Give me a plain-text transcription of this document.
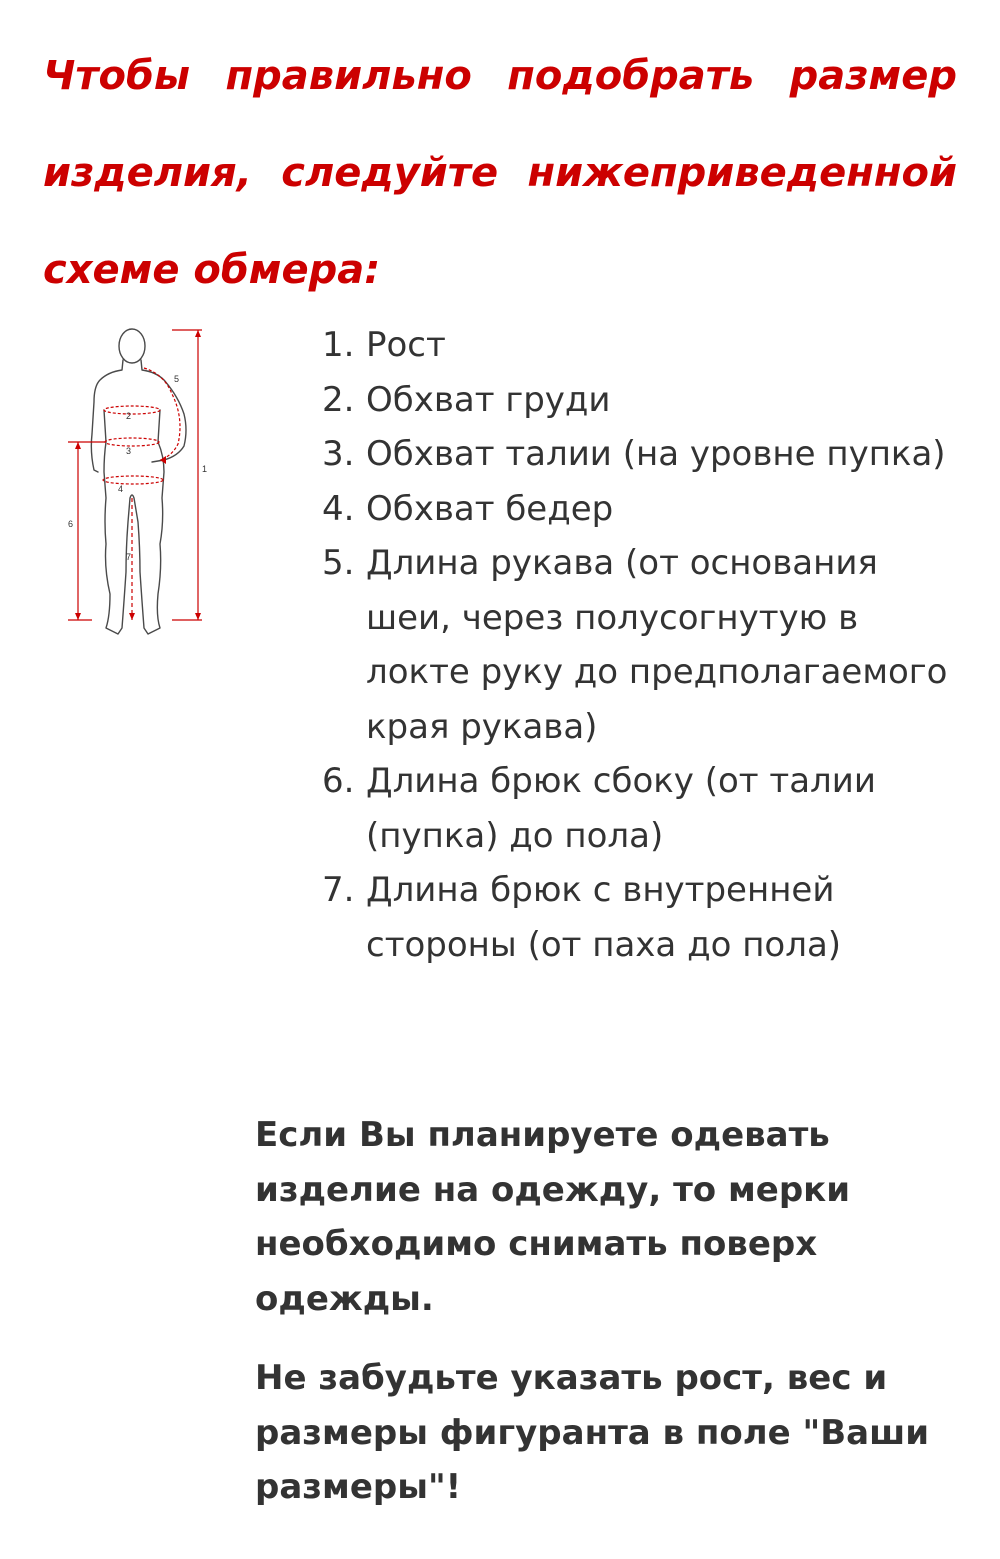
Чтобы правильно подобрать размер изделия, следуйте нижеприведенной схеме обмера:

1
2
3
4
5
6
7
1. Рост
2. Обхват груди
3. Обхват талии (на уровне пупка)
4. Обхват бедер
5. Длина рукава (от основания шеи, через полусогнутую в локте руку до предполагаемого края рукава)
6. Длина брюк сбоку (от талии (пупка) до пола)
7. Длина брюк с внутренней стороны (от паха до пола)

Если Вы планируете одевать изделие на одежду, то мерки необходимо снимать поверх одежды.

Не забудьте указать рост, вес и размеры фигуранта в поле "Ваши размеры"!
